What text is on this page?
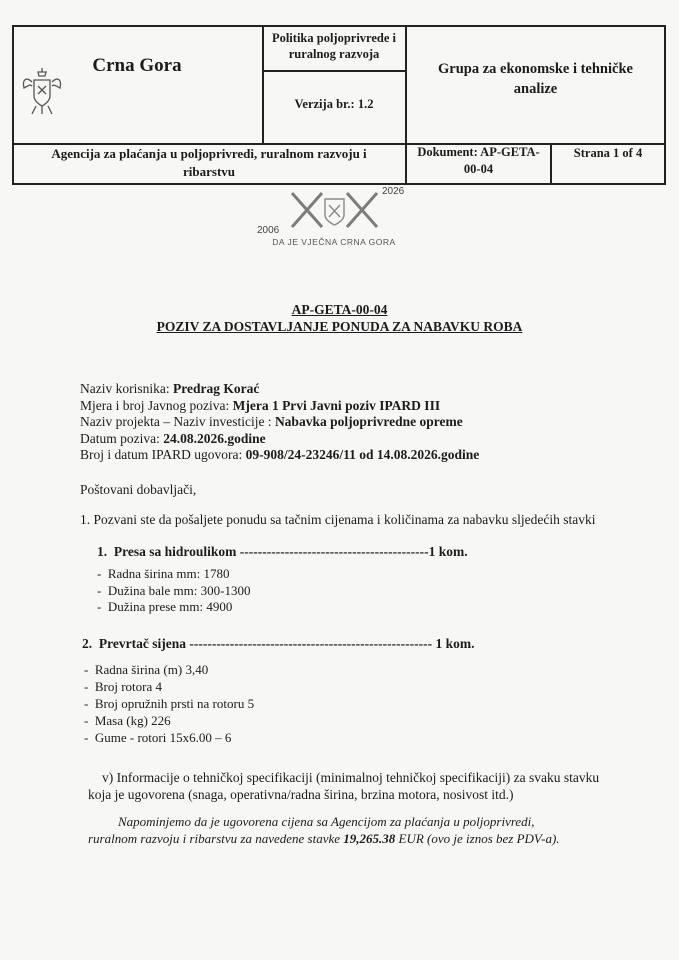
Crna Gora
Politika poljoprivrede i
ruralnog razvoja
Verzija br.: 1.2
Grupa za ekonomske i tehničke
analize
Agencija za plaćanja u poljoprivredi, ruralnom razvoju i
ribarstvu
Dokument: AP-GETA-
00-04
Strana 1 of 4
2006
2026
DA JE VJEČNA CRNA GORA
AP-GETA-00-04
POZIV ZA DOSTAVLJANJE PONUDA ZA NABAVKU ROBA
Naziv korisnika: Predrag Korać
Mjera i broj Javnog poziva: Mjera 1 Prvi Javni poziv IPARD III
Naziv projekta – Naziv investicije : Nabavka poljoprivredne opreme
Datum poziva: 24.08.2026.godine
Broj i datum IPARD ugovora: 09-908/24-23246/11 od 14.08.2026.godine
Poštovani dobavljači,
1. Pozvani ste da pošaljete ponudu sa tačnim cijenama i količinama za nabavku sljedećih stavki
1. Presa sa hidroulikom ------------------------------------------1 kom.
-  Radna širina mm: 1780
-  Dužina bale mm: 300-1300
-  Dužina prese mm: 4900
2. Prevrtač sijena ------------------------------------------------------ 1 kom.
-  Radna širina (m) 3,40
-  Broj rotora 4
-  Broj opružnih prsti na rotoru 5
-  Masa (kg) 226
-  Gume - rotori 15x6.00 – 6
v) Informacije o tehničkoj specifikaciji (minimalnoj tehničkoj specifikaciji) za svaku stavku
koja je ugovorena (snaga, operativna/radna širina, brzina motora, nosivost itd.)
Napominjemo da je ugovorena cijena sa Agencijom za plaćanja u poljoprivredi,
ruralnom razvoju i ribarstvu za navedene stavke 19,265.38 EUR (ovo je iznos bez PDV-a).
